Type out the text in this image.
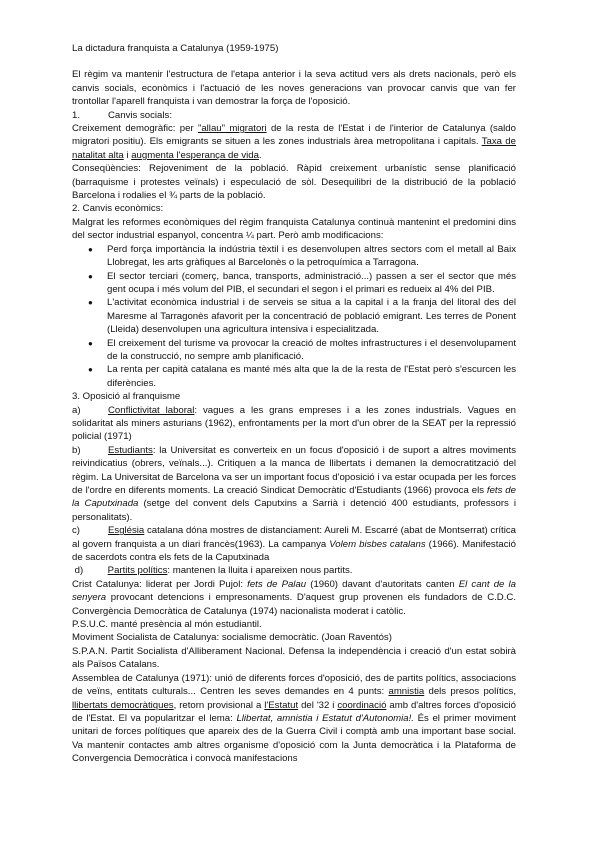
La dictadura franquista a Catalunya (1959-1975)

El règim va mantenir l'estructura de l'etapa anterior i la seva actitud vers als drets nacionals, però els canvis socials, econòmics i l'actuació de les noves generacions van provocar canvis que van fer trontollar l'aparell franquista i van demostrar la força de l'oposició.

1.	Canvis socials:

Creixement demogràfic: per "allau" migratori de la resta de l'Estat i de l'interior de Catalunya (saldo migratori positiu). Els emigrants se situen a les zones industrials àrea metropolitana i capitals. Taxa de natalitat alta i augmenta l'esperança de vida.

Conseqüències: Rejoveniment de la població. Ràpid creixement urbanístic sense planificació (barraquisme i protestes veïnals) i especulació de sòl. Desequilibri de la distribució de la població Barcelona i rodalies el ¾ parts de la població.

2. Canvis econòmics:

Malgrat les reformes econòmiques del règim franquista Catalunya continuà mantenint el predomini dins del sector industrial espanyol, concentra ¼ part. Però amb modificacions:

● Perd força importància la indústria tèxtil i es desenvolupen altres sectors com el metall al Baix Llobregat, les arts gràfiques al Barcelonès o la petroquímica a Tarragona.
● El sector terciari (comerç, banca, transports, administració...) passen a ser el sector que més gent ocupa i més volum del PIB, el secundari el segon i el primari es redueix al 4% del PIB.
● L'activitat econòmica industrial i de serveis se situa a la capital i a la franja del litoral des del Maresme al Tarragonès afavorit per la concentració de població emigrant. Les terres de Ponent (Lleida) desenvolupen una agricultura intensiva i especialitzada.
● El creixement del turisme va provocar la creació de moltes infrastructures i el desenvolupament de la construcció, no sempre amb planificació.
● La renta per capità catalana es manté més alta que la de la resta de l'Estat però s'escurcen les diferències.

3. Oposició al franquisme

a)	Conflictivitat laboral: vagues a les grans empreses i a les zones industrials. Vagues en solidaritat als miners asturians (1962), enfrontaments per la mort d'un obrer de la SEAT per la repressió policial (1971)

b)	Estudiants: la Universitat es converteix en un focus d'oposició i de suport a altres moviments reivindicatius (obrers, veïnals...). Critiquen a la manca de llibertats i demanen la democratització del règim. La Universitat de Barcelona va ser un important focus d'oposició i va estar ocupada per les forces de l'ordre en diferents moments. La creació Sindicat Democràtic d'Estudiants (1966) provoca els fets de la Caputxinada (setge del convent dels Caputxins a Sarrià i detenció 400 estudiants, professors i personalitats).

c)	Església catalana dóna mostres de distanciament: Aureli M. Escarré (abat de Montserrat) crítica al govern franquista a un diari francès(1963). La campanya Volem bisbes catalans (1966). Manifestació de sacerdots contra els fets de la Caputxinada

d)	Partits polítics: mantenen la lluita i apareixen nous partits.

Crist Catalunya: liderat per Jordi Pujol: fets de Palau (1960) davant d'autoritats canten El cant de la senyera provocant detencions i empresonaments. D'aquest grup provenen els fundadors de C.D.C. Convergència Democràtica de Catalunya (1974) nacionalista moderat i catòlic.

P.S.U.C. manté presència al món estudiantil.

Moviment Socialista de Catalunya: socialisme democràtic. (Joan Raventós)

S.P.A.N. Partit Socialista d'Alliberament Nacional. Defensa la independència i creació d'un estat sobirà als Països Catalans.

Assemblea de Catalunya (1971): unió de diferents forces d'oposició, des de partits polítics, associacions de veïns, entitats culturals... Centren les seves demandes en 4 punts: amnistia dels presos polítics, llibertats democràtiques, retorn provisional a l'Estatut del '32 i coordinació amb d'altres forces d'oposició de l'Estat. El va popularitzar el lema: Llibertat, amnistia i Estatut d'Autonomia!. És el primer moviment unitari de forces polítiques que apareix des de la Guerra Civil i comptà amb una important base social. Va mantenir contactes amb altres organisme d'oposició com la Junta democràtica i la Plataforma de Convergencia Democràtica i convocà manifestacions
